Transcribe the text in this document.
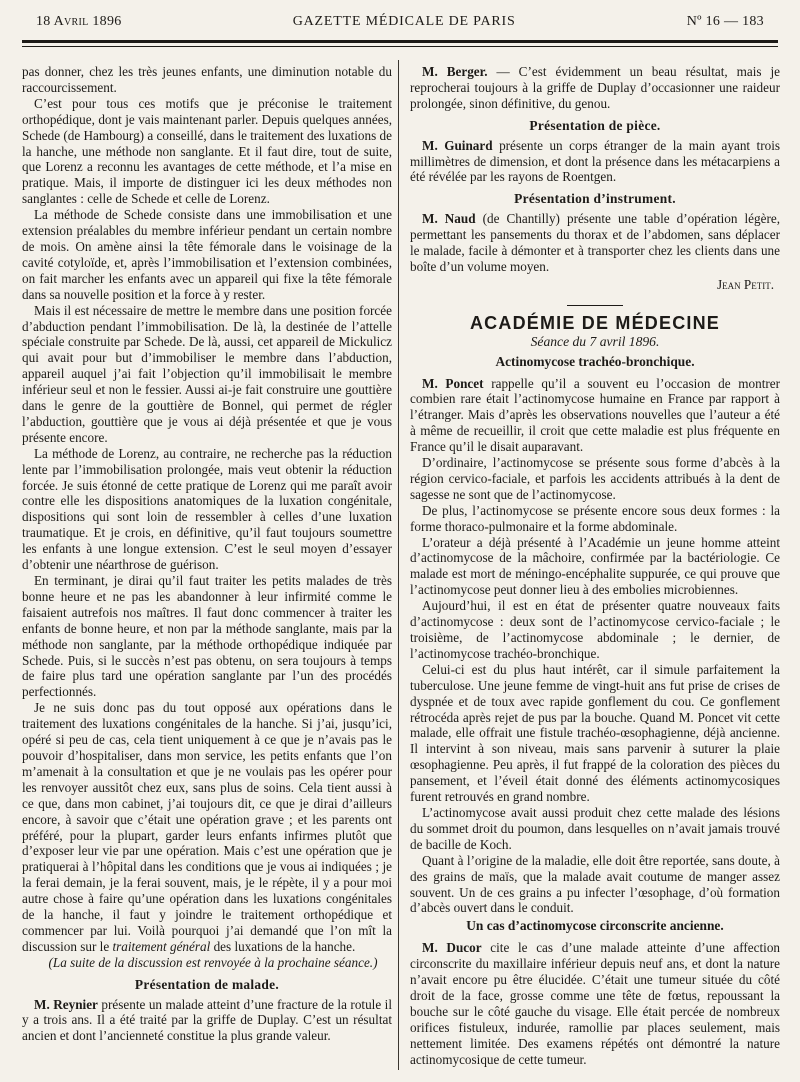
18 Avril 1896	GAZETTE MÉDICALE DE PARIS	Nº 16 — 183

pas donner, chez les très jeunes enfants, une diminution notable du raccourcissement.

C’est pour tous ces motifs que je préconise le traitement orthopédique, dont je vais maintenant parler. Depuis quelques années, Schede (de Hambourg) a conseillé, dans le traitement des luxations de la hanche, une méthode non sanglante. Et il faut dire, tout de suite, que Lorenz a reconnu les avantages de cette méthode, et l’a mise en pratique. Mais, il importe de distinguer ici les deux méthodes non sanglantes : celle de Schede et celle de Lorenz.

La méthode de Schede consiste dans une immobilisation et une extension préalables du membre inférieur pendant un certain nombre de mois. On amène ainsi la tête fémorale dans le voisinage de la cavité cotyloïde, et, après l’immobilisation et l’extension combinées, on fait marcher les enfants avec un appareil qui fixe la tête fémorale dans sa nouvelle position et la force à y rester.

Mais il est nécessaire de mettre le membre dans une position forcée d’abduction pendant l’immobilisation. De là, la destinée de l’attelle spéciale construite par Schede. De là, aussi, cet appareil de Mickulicz qui avait pour but d’immobiliser le membre dans l’abduction, appareil auquel j’ai fait l’objection qu’il immobilisait le membre inférieur seul et non le fessier. Aussi ai-je fait construire une gouttière dans le genre de la gouttière de Bonnel, qui permet de régler l’abduction, gouttière que je vous ai déjà présentée et que je vous présente encore.

La méthode de Lorenz, au contraire, ne recherche pas la réduction lente par l’immobilisation prolongée, mais veut obtenir la réduction forcée. Je suis étonné de cette pratique de Lorenz qui me paraît avoir contre elle les dispositions anatomiques de la luxation congénitale, dispositions qui sont loin de ressembler à celles d’une luxation traumatique. Et je crois, en définitive, qu’il faut toujours soumettre les enfants à une longue extension. C’est le seul moyen d’essayer d’obtenir une néarthrose de guérison.

En terminant, je dirai qu’il faut traiter les petits malades de très bonne heure et ne pas les abandonner à leur infirmité comme le faisaient autrefois nos maîtres. Il faut donc commencer à traiter les enfants de bonne heure, et non par la méthode sanglante, mais par la méthode non sanglante, par la méthode orthopédique indiquée par Schede. Puis, si le succès n’est pas obtenu, on sera toujours à temps de faire plus tard une opération sanglante par l’un des procédés perfectionnés.

Je ne suis donc pas du tout opposé aux opérations dans le traitement des luxations congénitales de la hanche. Si j’ai, jusqu’ici, opéré si peu de cas, cela tient uniquement à ce que je n’avais pas le pouvoir d’hospitaliser, dans mon service, les petits enfants que l’on m’amenait à la consultation et que je ne voulais pas les opérer pour les renvoyer aussitôt chez eux, sans plus de soins. Cela tient aussi à ce que, dans mon cabinet, j’ai toujours dit, ce que je dirai d’ailleurs encore, à savoir que c’était une opération grave ; et les parents ont préféré, pour la plupart, garder leurs enfants infirmes plutôt que d’exposer leur vie par une opération. Mais c’est une opération que je pratiquerai à l’hôpital dans les conditions que je vous ai indiquées ; je la ferai demain, je la ferai souvent, mais, je le répète, il y a pour moi autre chose à faire qu’une opération dans les luxations congénitales de la hanche, il faut y joindre le traitement orthopédique et commencer par lui. Voilà pourquoi j’ai demandé que l’on mît la discussion sur le traitement général des luxations de la hanche.

(La suite de la discussion est renvoyée à la prochaine séance.)

Présentation de malade.

M. Reynier présente un malade atteint d’une fracture de la rotule il y a trois ans. Il a été traité par la griffe de Duplay. C’est un résultat ancien et dont l’ancienneté constitue la plus grande valeur.

M. Berger. — C’est évidemment un beau résultat, mais je reprocherai toujours à la griffe de Duplay d’occasionner une raideur prolongée, sinon définitive, du genou.

Présentation de pièce.

M. Guinard présente un corps étranger de la main ayant trois millimètres de dimension, et dont la présence dans les métacarpiens a été révélée par les rayons de Roentgen.

Présentation d’instrument.

M. Naud (de Chantilly) présente une table d’opération légère, permettant les pansements du thorax et de l’abdomen, sans déplacer le malade, facile à démonter et à transporter chez les clients dans une boîte d’un volume moyen.

Jean Petit.
ACADÉMIE DE MÉDECINE
Séance du 7 avril 1896.
Actinomycose trachéo-bronchique.

M. Poncet rappelle qu’il a souvent eu l’occasion de montrer combien rare était l’actinomycose humaine en France par rapport à l’étranger. Mais d’après les observations nouvelles que l’auteur a été à même de recueillir, il croit que cette maladie est plus fréquente en France qu’il le disait auparavant.

D’ordinaire, l’actinomycose se présente sous forme d’abcès à la région cervico-faciale, et parfois les accidents attribués à la dent de sagesse ne sont que de l’actinomycose.

De plus, l’actinomycose se présente encore sous deux formes : la forme thoraco-pulmonaire et la forme abdominale.

L’orateur a déjà présenté à l’Académie un jeune homme atteint d’actinomycose de la mâchoire, confirmée par la bactériologie. Ce malade est mort de méningo-encéphalite suppurée, ce qui prouve que l’actinomycose peut donner lieu à des embolies microbiennes.

Aujourd’hui, il est en état de présenter quatre nouveaux faits d’actinomycose : deux sont de l’actinomycose cervico-faciale ; le troisième, de l’actinomycose abdominale ; le dernier, de l’actinomycose trachéo-bronchique.

Celui-ci est du plus haut intérêt, car il simule parfaitement la tuberculose. Une jeune femme de vingt-huit ans fut prise de crises de dyspnée et de toux avec rapide gonflement du cou. Ce gonflement rétrocéda après rejet de pus par la bouche. Quand M. Poncet vit cette malade, elle offrait une fistule trachéo-œsophagienne, déjà ancienne. Il intervint à son niveau, mais sans parvenir à suturer la plaie œsophagienne. Peu après, il fut frappé de la coloration des pièces du pansement, et l’éveil était donné des éléments actinomycosiques furent retrouvés en grand nombre.

L’actinomycose avait aussi produit chez cette malade des lésions du sommet droit du poumon, dans lesquelles on n’avait jamais trouvé de bacille de Koch.

Quant à l’origine de la maladie, elle doit être reportée, sans doute, à des grains de maïs, que la malade avait coutume de manger assez souvent. Un de ces grains a pu infecter l’œsophage, d’où formation d’abcès ouvert dans le conduit.

Un cas d’actinomycose circonscrite ancienne.

M. Ducor cite le cas d’une malade atteinte d’une affection circonscrite du maxillaire inférieur depuis neuf ans, et dont la nature n’avait encore pu être élucidée. C’était une tumeur située du côté droit de la face, grosse comme une tête de fœtus, repoussant la bouche sur le côté gauche du visage. Elle était percée de nombreux orifices fistuleux, indurée, ramollie par places seulement, mais nettement limitée. Des examens répétés ont démontré la nature actinomycosique de cette tumeur.
